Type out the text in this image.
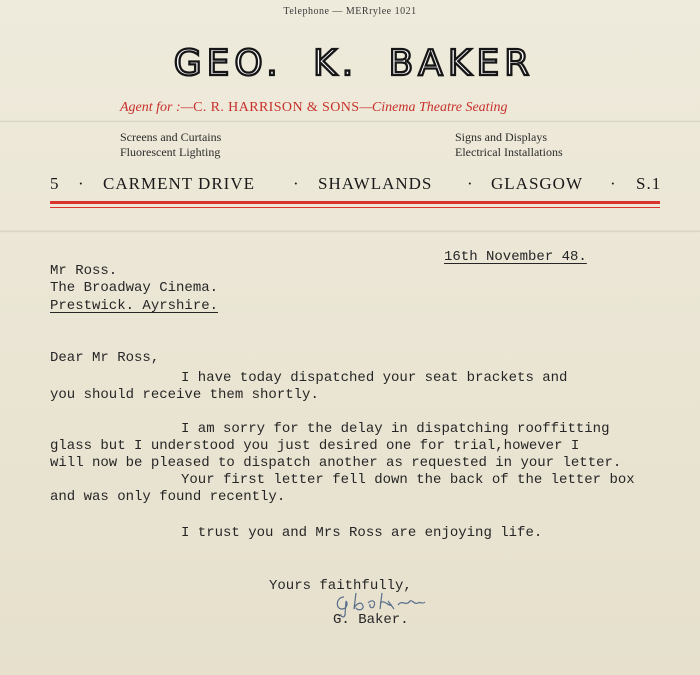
Telephone — MERrylee 1021
GEO. K. BAKER
Agent for :—C. R. HARRISON & SONS—Cinema Theatre Seating
Screens and Curtains
Fluorescent Lighting
Signs and Displays
Electrical Installations
5 · CARMENT DRIVE · SHAWLANDS · GLASGOW · S.1
16th November 48.
Mr Ross.
The Broadway Cinema.
Prestwick. Ayrshire.
Dear Mr Ross,
I have today dispatched your seat brackets and
you should receive them shortly.
I am sorry for the delay in dispatching rooffitting
glass but I understood you just desired one for trial,however I
will now be pleased to dispatch another as requested in your letter.
Your first letter fell down the back of the letter box
and was only found recently.
I trust you and Mrs Ross are enjoying life.
Yours faithfully,
G. Baker.
